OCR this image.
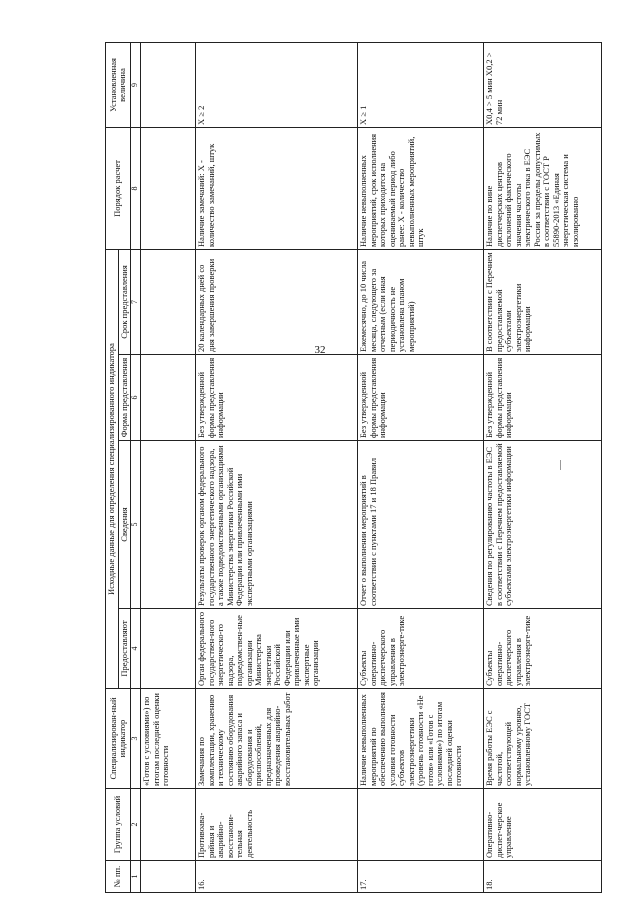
32
№ пп.	Группа условий	Специализирован-ный индикатор	Исходные данные для определения специализированного индикатора				Порядок расчет	Установленная величина
			Предоставляют	Сведения	Форма представления	Срок представления		
1	2	3	4	5	6	7	8	9
		«Готов с условиями») по итогам последней оценки готовности						
16.	Противоава-рийная и аварийно-восстанови-тельная деятельность	Замечания по комплектации, хранению и техническому состоянию оборудования аварийного запаса и оборудования и приспособлений, предназначенных для проведения аварийно-восстановительных работ	Орган федерального государствен-ного энергетическо-го надзора, подведомствен-ные организации Министерства энергетики Российской Федерации или привлеченные ими экспертные организации	Результаты проверок органом федерального государственного энергетического надзора, а также подведомственными организациями Министерства энергетики Российской Федерации или привлеченными ими экспертными организациями	Без утвержденной формы представления информации	20 календарных дней со дня завершения проверки	Наличие замечаний: X - количество замечаний, штук	X ≥ 2
17.		Наличие невыполненных мероприятий по обеспечению выполнения условия готовности субъектов электроэнергетики (уровень готовности «Не готов» или «Готов с условиями») по итогам последней оценки готовности	Субъекты оперативно-диспетчерского управления в электроэнерге-тике	Отчет о выполнении мероприятий в соответствии с пунктами 17 и 18 Правил	Без утвержденной формы представления информации	Ежемесячно, до 10 числа месяца, следующего за отчетным (если иная периодичность не установлена планом мероприятий)	Наличие невыполненных мероприятий, срок исполнения которых приходится на оцениваемый период либо ранее: X - количество невыполненных мероприятий, штук	X ≥ 1
18.	Оперативно-диспет-черское управление	Время работы ЕЭС с частотой, соответствующей нормальному уровню, установленному ГОСТ	Субъекты оперативно-диспетчерского управления в электроэнерге-тике	Сведения по регулированию частоты в ЕЭС в соответствии с Перечнем предоставляемой субъектами электроэнергетики информации	Без утвержденной формы представления информации	В соответствии с Перечнем предоставляемой субъектами электроэнергетики информации	Наличие по вине диспетчерских центров отклонений фактического значения частоты электрического тока в ЕЭС России за пределы допустимых в соответствии с ГОСТ Р 55890-2013 «Единая энергетическая система и изолированно	X0,4 > 5 мин X0,2 > 72 мин
